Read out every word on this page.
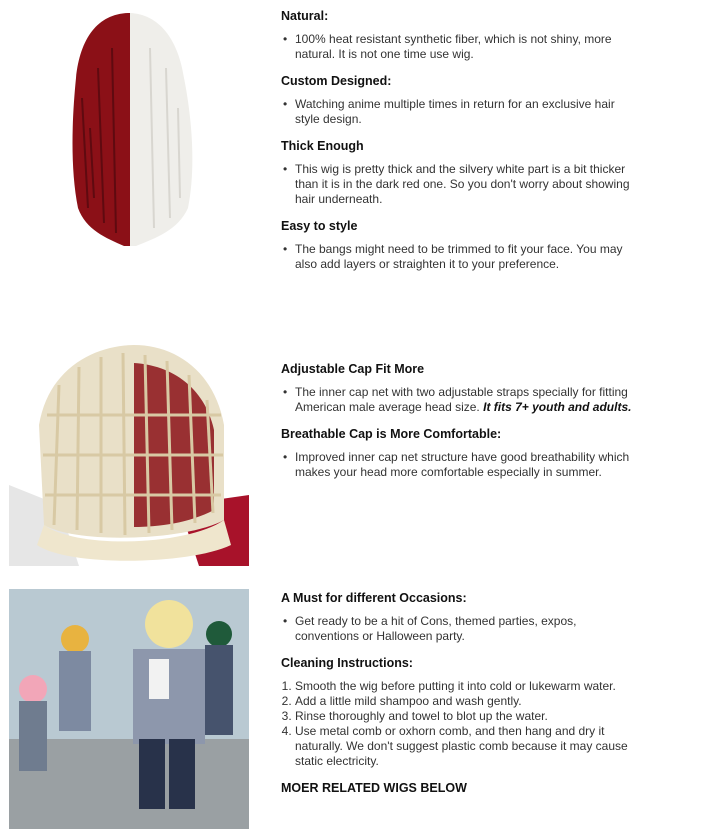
Natural:
• 100% heat resistant synthetic fiber, which is not shiny, more natural. It is not one time use wig.
Custom Designed:
• Watching anime multiple times in return for an exclusive hair style design.
Thick Enough
• This wig is pretty thick and the silvery white part is a bit thicker than it is in the dark red one. So you don't worry about showing hair underneath.
Easy to style
• The bangs might need to be trimmed to fit your face. You may also add layers or straighten it to your preference.
Adjustable Cap Fit More
• The inner cap net with two adjustable straps specially for fitting American male average head size. It fits 7+ youth and adults.
Breathable Cap is More Comfortable:
• Improved inner cap net structure have good breathability which makes your head more comfortable especially in summer.
A Must for different Occasions:
• Get ready to be a hit of Cons, themed parties, expos, conventions or Halloween party.
Cleaning Instructions:
1. Smooth the wig before putting it into cold or lukewarm water.
2. Add a little mild shampoo and wash gently.
3. Rinse thoroughly and towel to blot up the water.
4. Use metal comb or oxhorn comb, and then hang and dry it naturally. We don't suggest plastic comb because it may cause static electricity.
MOER RELATED WIGS BELOW
